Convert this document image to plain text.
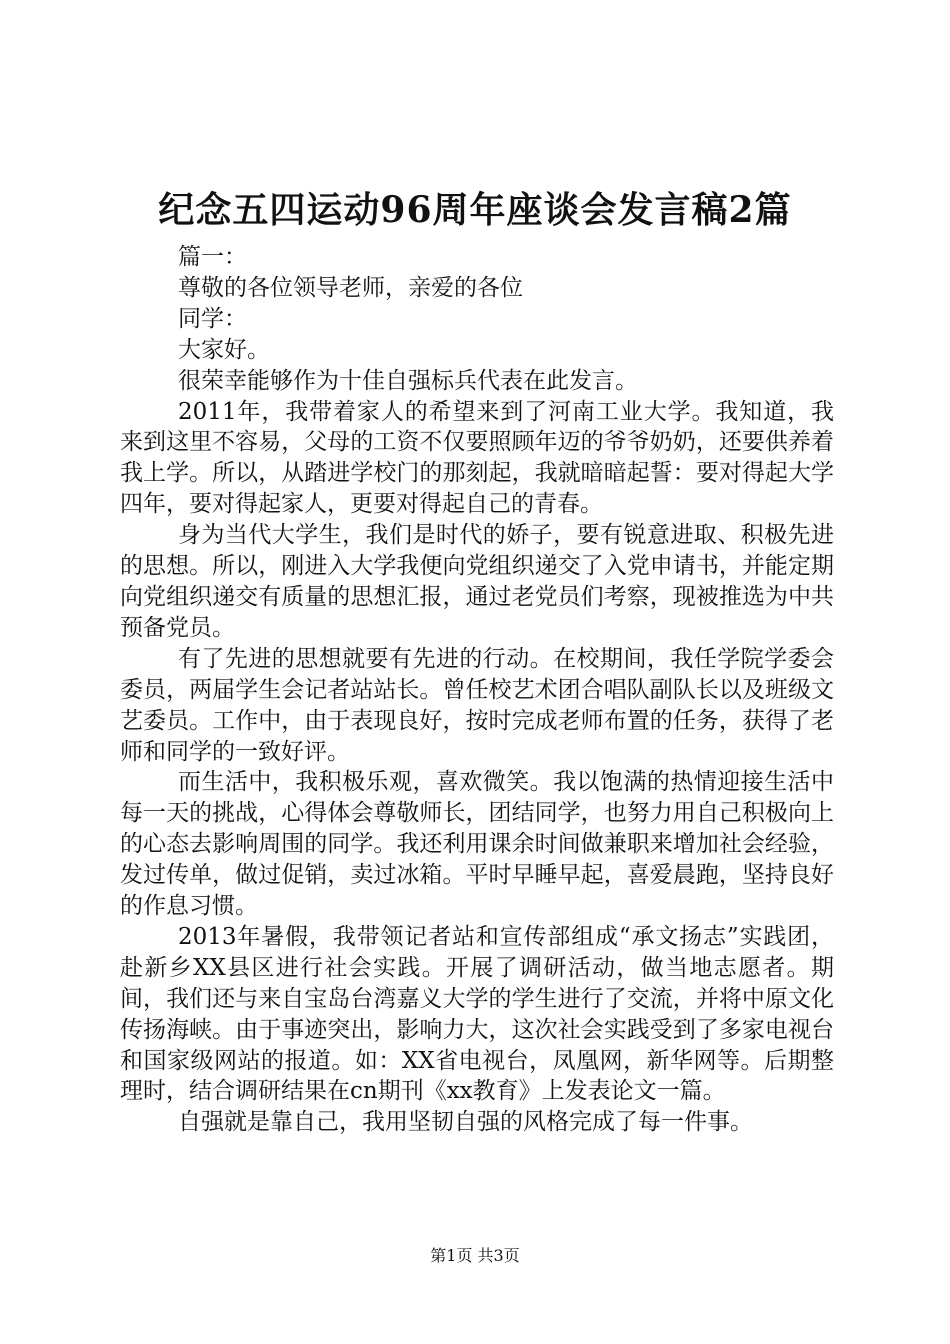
纪念五四运动96周年座谈会发言稿2篇

篇一：

尊敬的各位领导老师，亲爱的各位

同学：

大家好。

很荣幸能够作为十佳自强标兵代表在此发言。

2011年，我带着家人的希望来到了河南工业大学。我知道，我来到这里不容易，父母的工资不仅要照顾年迈的爷爷奶奶，还要供养着我上学。所以，从踏进学校门的那刻起，我就暗暗起誓：要对得起大学四年，要对得起家人，更要对得起自己的青春。

身为当代大学生，我们是时代的娇子，要有锐意进取、积极先进的思想。所以，刚进入大学我便向党组织递交了入党申请书，并能定期向党组织递交有质量的思想汇报，通过老党员们考察，现被推选为中共预备党员。

有了先进的思想就要有先进的行动。在校期间，我任学院学委会委员，两届学生会记者站站长。曾任校艺术团合唱队副队长以及班级文艺委员。工作中，由于表现良好，按时完成老师布置的任务，获得了老师和同学的一致好评。

而生活中，我积极乐观，喜欢微笑。我以饱满的热情迎接生活中每一天的挑战，心得体会尊敬师长，团结同学，也努力用自己积极向上的心态去影响周围的同学。我还利用课余时间做兼职来增加社会经验，发过传单，做过促销，卖过冰箱。平时早睡早起，喜爱晨跑，坚持良好的作息习惯。

2013年暑假，我带领记者站和宣传部组成“承文扬志”实践团，赴新乡XX县区进行社会实践。开展了调研活动，做当地志愿者。期间，我们还与来自宝岛台湾嘉义大学的学生进行了交流，并将中原文化传扬海峡。由于事迹突出，影响力大，这次社会实践受到了多家电视台和国家级网站的报道。如：XX省电视台，凤凰网，新华网等。后期整理时，结合调研结果在cn期刊《xx教育》上发表论文一篇。

自强就是靠自己，我用坚韧自强的风格完成了每一件事。

第1页 共3页
